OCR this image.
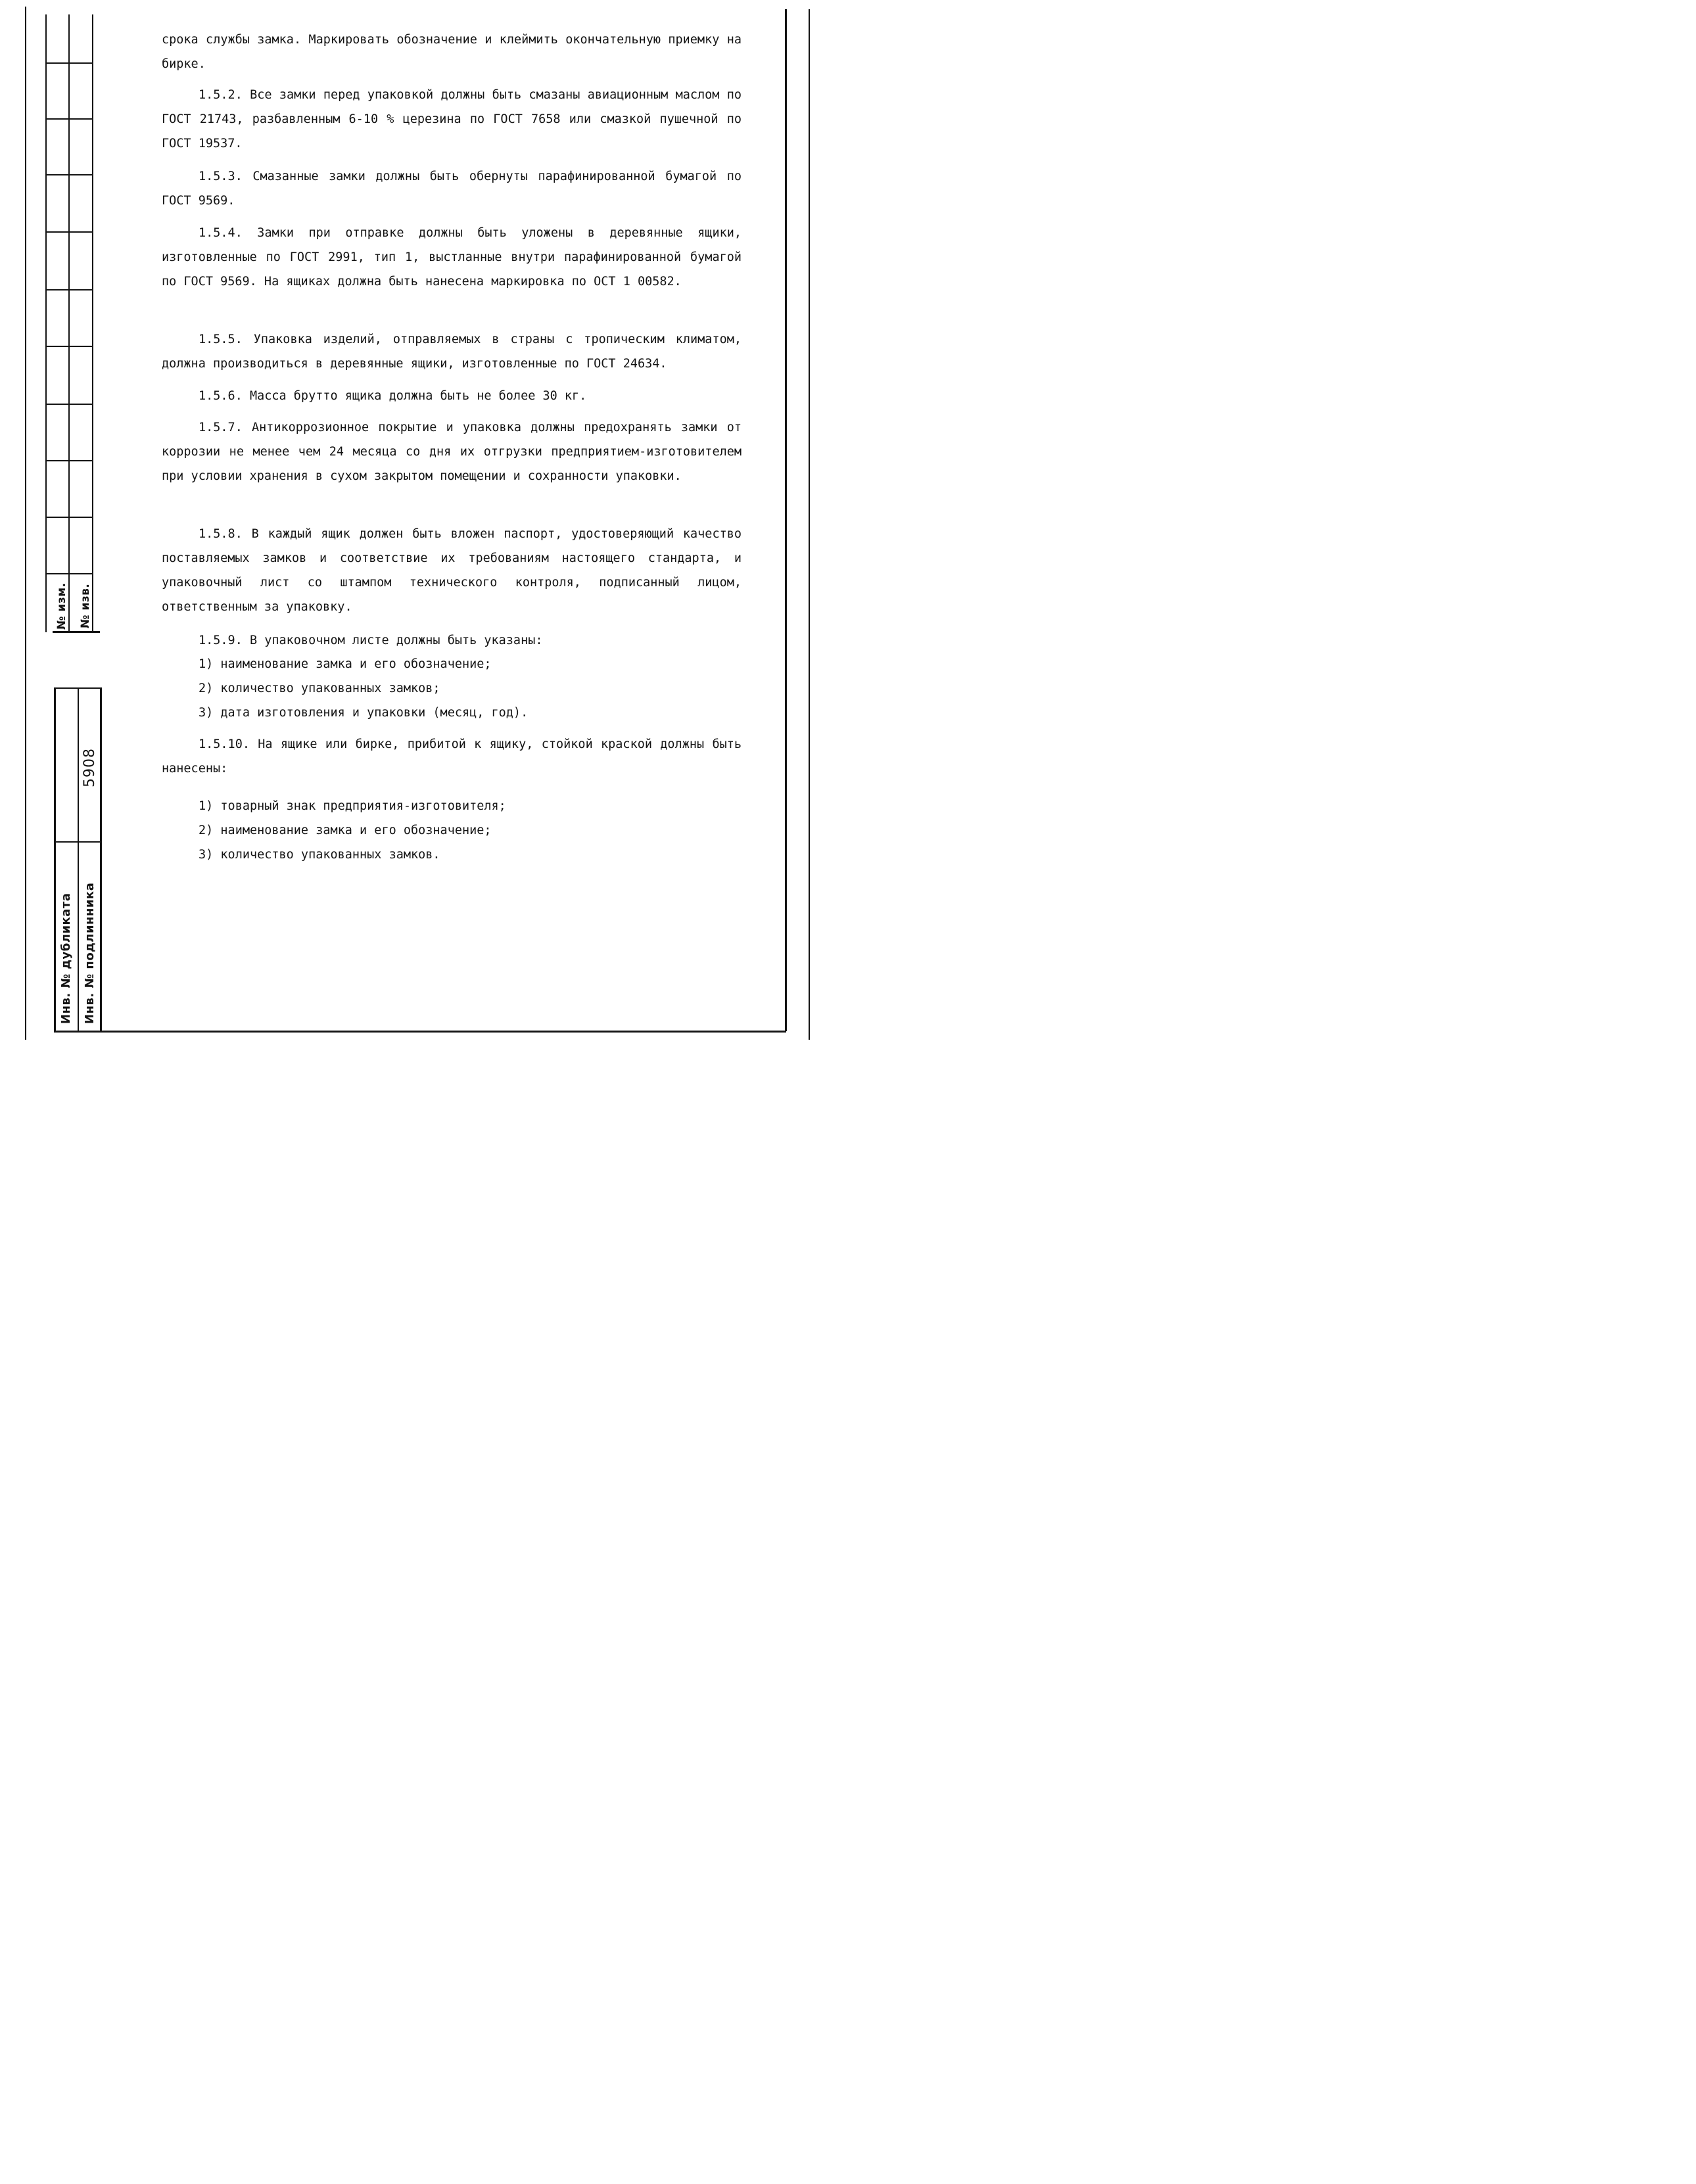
№ изм. № изв.
5908
Инв. № дубликата Инв. № подлинника

срока службы замка. Маркировать обозначение и клеймить окончательную приемку на бирке.

1.5.2. Все замки перед упаковкой должны быть смазаны авиационным маслом по ГОСТ 21743, разбавленным 6-10 % церезина по ГОСТ 7658 или смазкой пушечной по ГОСТ 19537.

1.5.3. Смазанные замки должны быть обернуты парафинированной бумагой по ГОСТ 9569.

1.5.4. Замки при отправке должны быть уложены в деревянные ящики, изготовленные по ГОСТ 2991, тип 1, выстланные внутри парафинированной бумагой по ГОСТ 9569. На ящиках должна быть нанесена маркировка по ОСТ 1 00582.

1.5.5. Упаковка изделий, отправляемых в страны с тропическим климатом, должна производиться в деревянные ящики, изготовленные по ГОСТ 24634.

1.5.6. Масса брутто ящика должна быть не более 30 кг.

1.5.7. Антикоррозионное покрытие и упаковка должны предохранять замки от коррозии не менее чем 24 месяца со дня их отгрузки предприятием-изготовителем при условии хранения в сухом закрытом помещении и сохранности упаковки.

1.5.8. В каждый ящик должен быть вложен паспорт, удостоверяющий качество поставляемых замков и соответствие их требованиям настоящего стандарта, и упаковочный лист со штампом технического контроля, подписанный лицом, ответственным за упаковку.

1.5.9. В упаковочном листе должны быть указаны:

1) наименование замка и его обозначение;
2) количество упакованных замков;
3) дата изготовления и упаковки (месяц, год).

1.5.10. На ящике или бирке, прибитой к ящику, стойкой краской должны быть нанесены:

1) товарный знак предприятия-изготовителя;
2) наименование замка и его обозначение;
3) количество упакованных замков.
